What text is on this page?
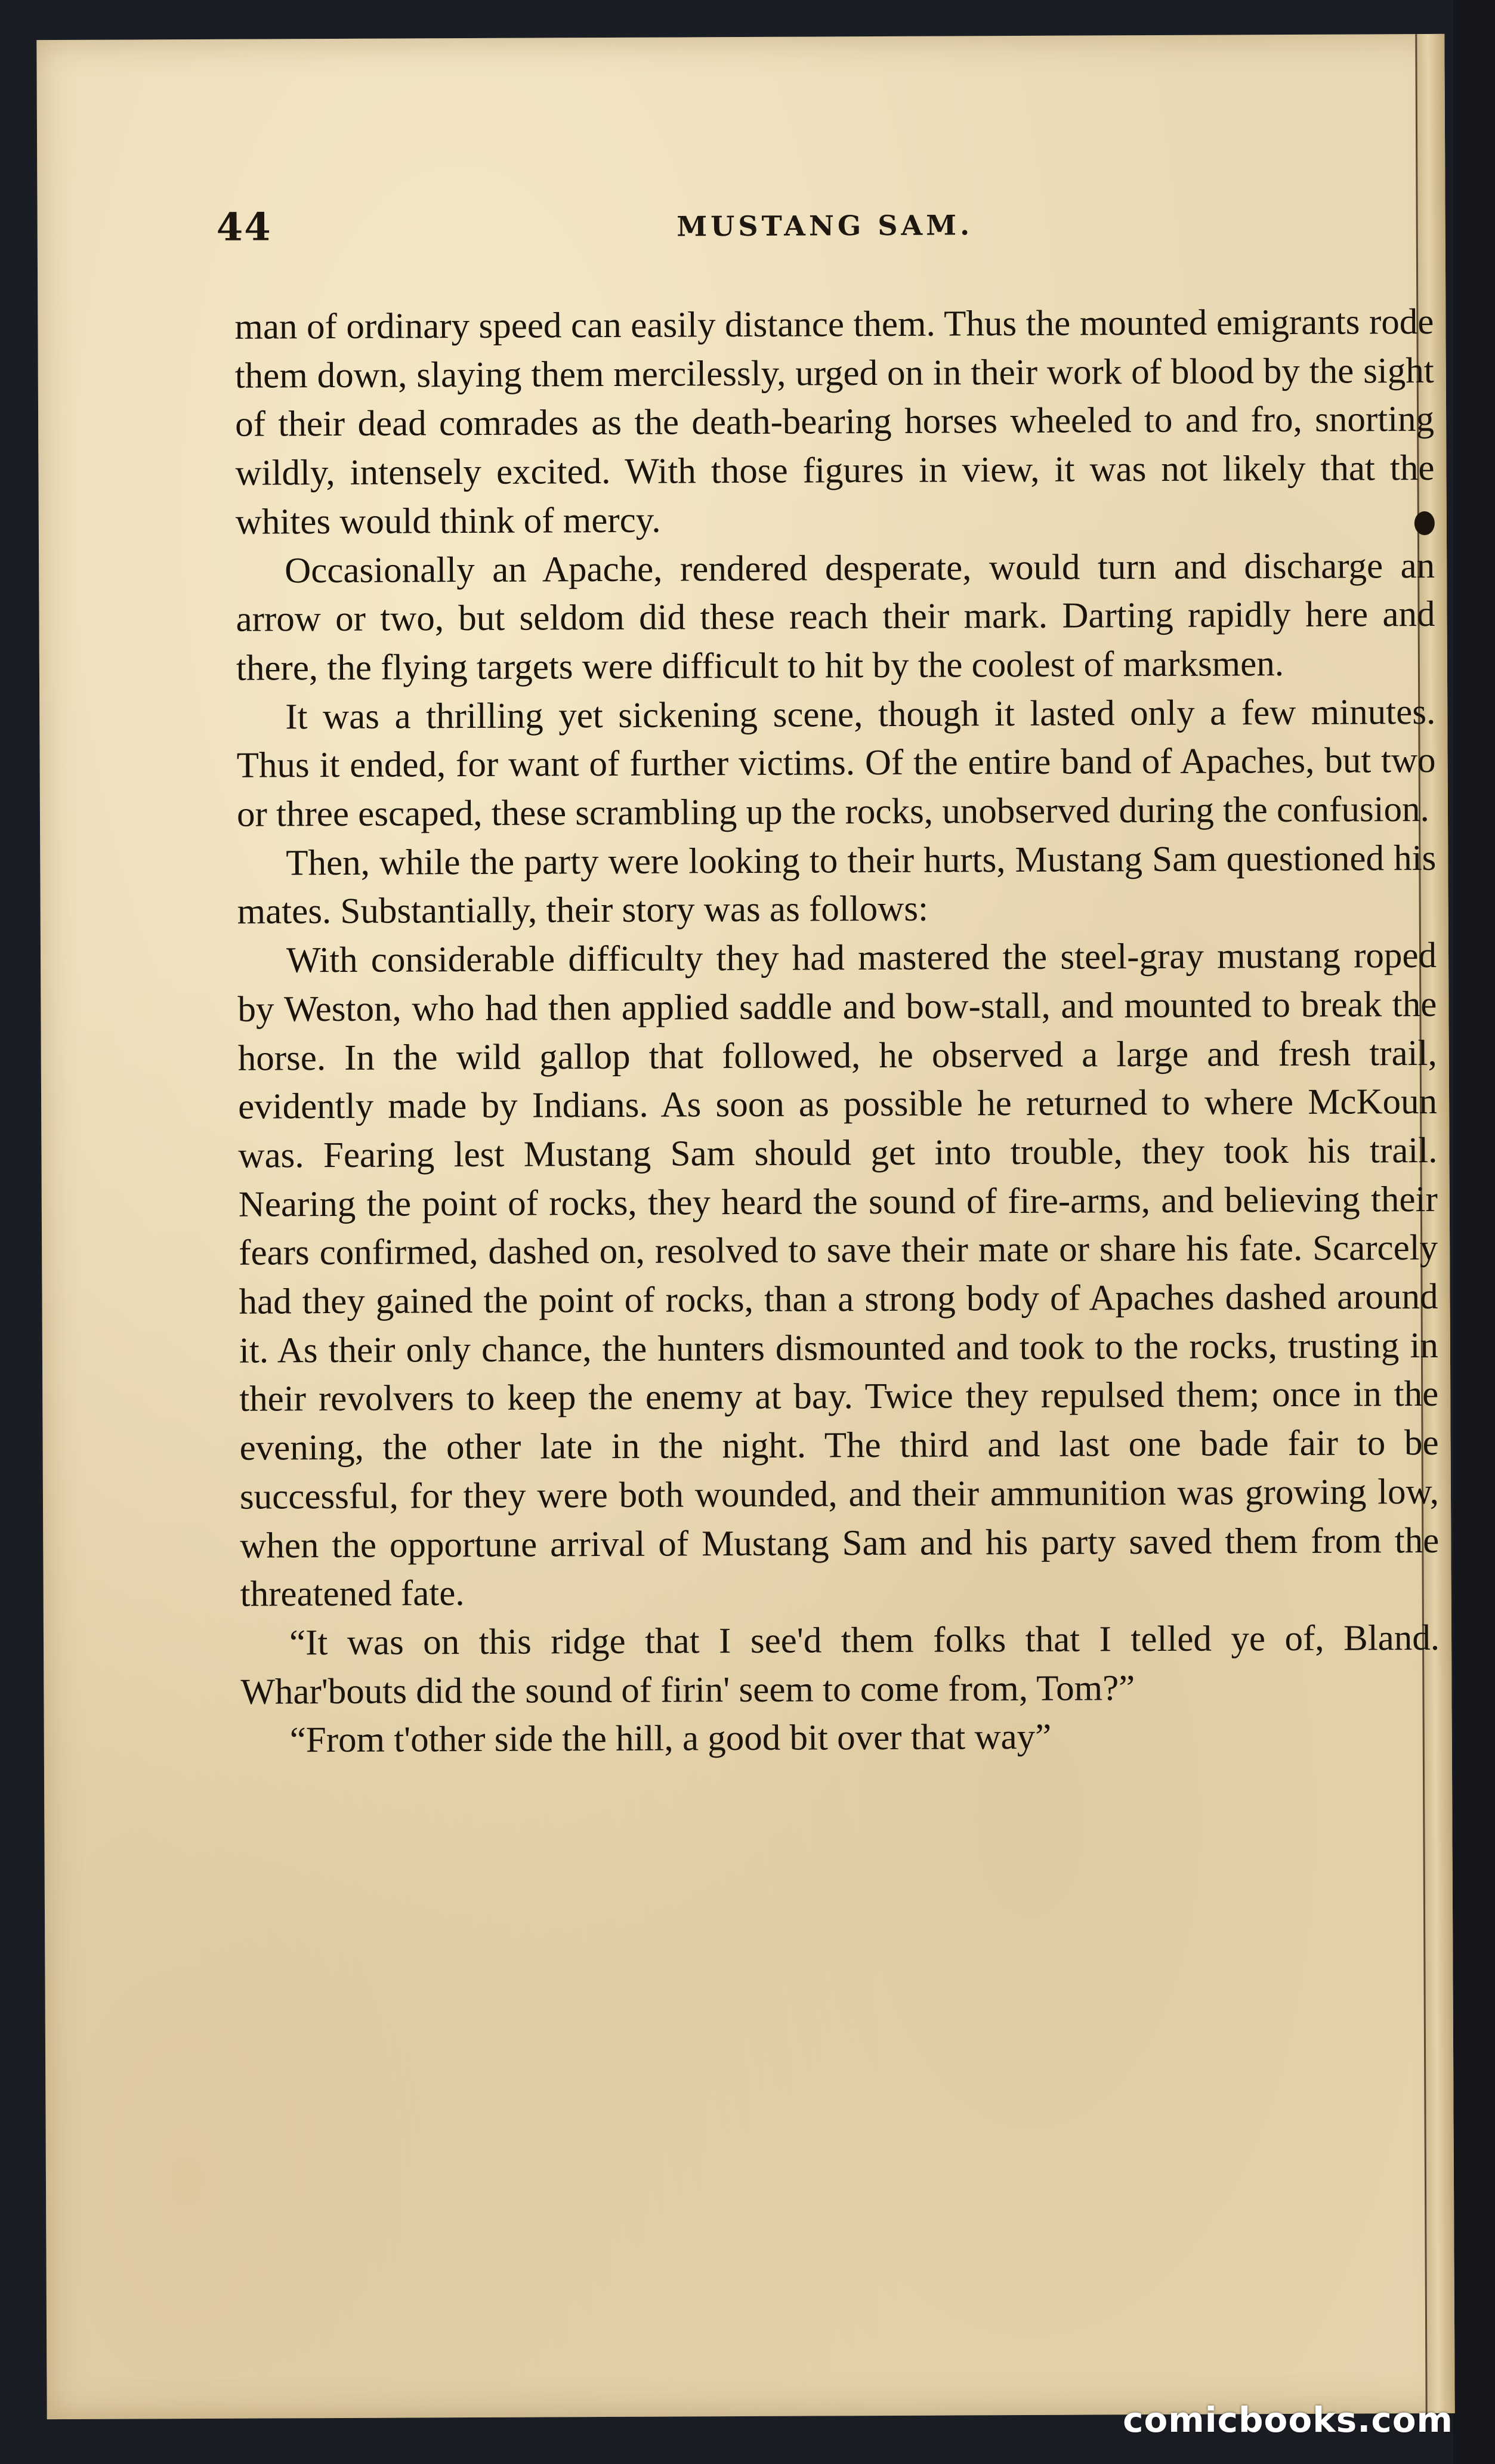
44	MUSTANG SAM.

man of ordinary speed can easily distance them. Thus the mounted emigrants rode them down, slaying them mercilessly, urged on in their work of blood by the sight of their dead comrades as the death-bearing horses wheeled to and fro, snorting wildly, intensely excited. With those figures in view, it was not likely that the whites would think of mercy.

Occasionally an Apache, rendered desperate, would turn and discharge an arrow or two, but seldom did these reach their mark. Darting rapidly here and there, the flying targets were difficult to hit by the coolest of marksmen.

It was a thrilling yet sickening scene, though it lasted only a few minutes. Thus it ended, for want of further victims. Of the entire band of Apaches, but two or three escaped, these scrambling up the rocks, unobserved during the confusion.

Then, while the party were looking to their hurts, Mustang Sam questioned his mates. Substantially, their story was as follows:

With considerable difficulty they had mastered the steel-gray mustang roped by Weston, who had then applied saddle and bow-stall, and mounted to break the horse. In the wild gallop that followed, he observed a large and fresh trail, evidently made by Indians. As soon as possible he returned to where McKoun was. Fearing lest Mustang Sam should get into trouble, they took his trail. Nearing the point of rocks, they heard the sound of fire-arms, and believing their fears confirmed, dashed on, resolved to save their mate or share his fate. Scarcely had they gained the point of rocks, than a strong body of Apaches dashed around it. As their only chance, the hunters dismounted and took to the rocks, trusting in their revolvers to keep the enemy at bay. Twice they repulsed them; once in the evening, the other late in the night. The third and last one bade fair to be successful, for they were both wounded, and their ammunition was growing low, when the opportune arrival of Mustang Sam and his party saved them from the threatened fate.

“It was on this ridge that I see'd them folks that I telled ye of, Bland. Whar'bouts did the sound of firin' seem to come from, Tom?”

“From t'other side the hill, a good bit over that way”

comicbooks.com
